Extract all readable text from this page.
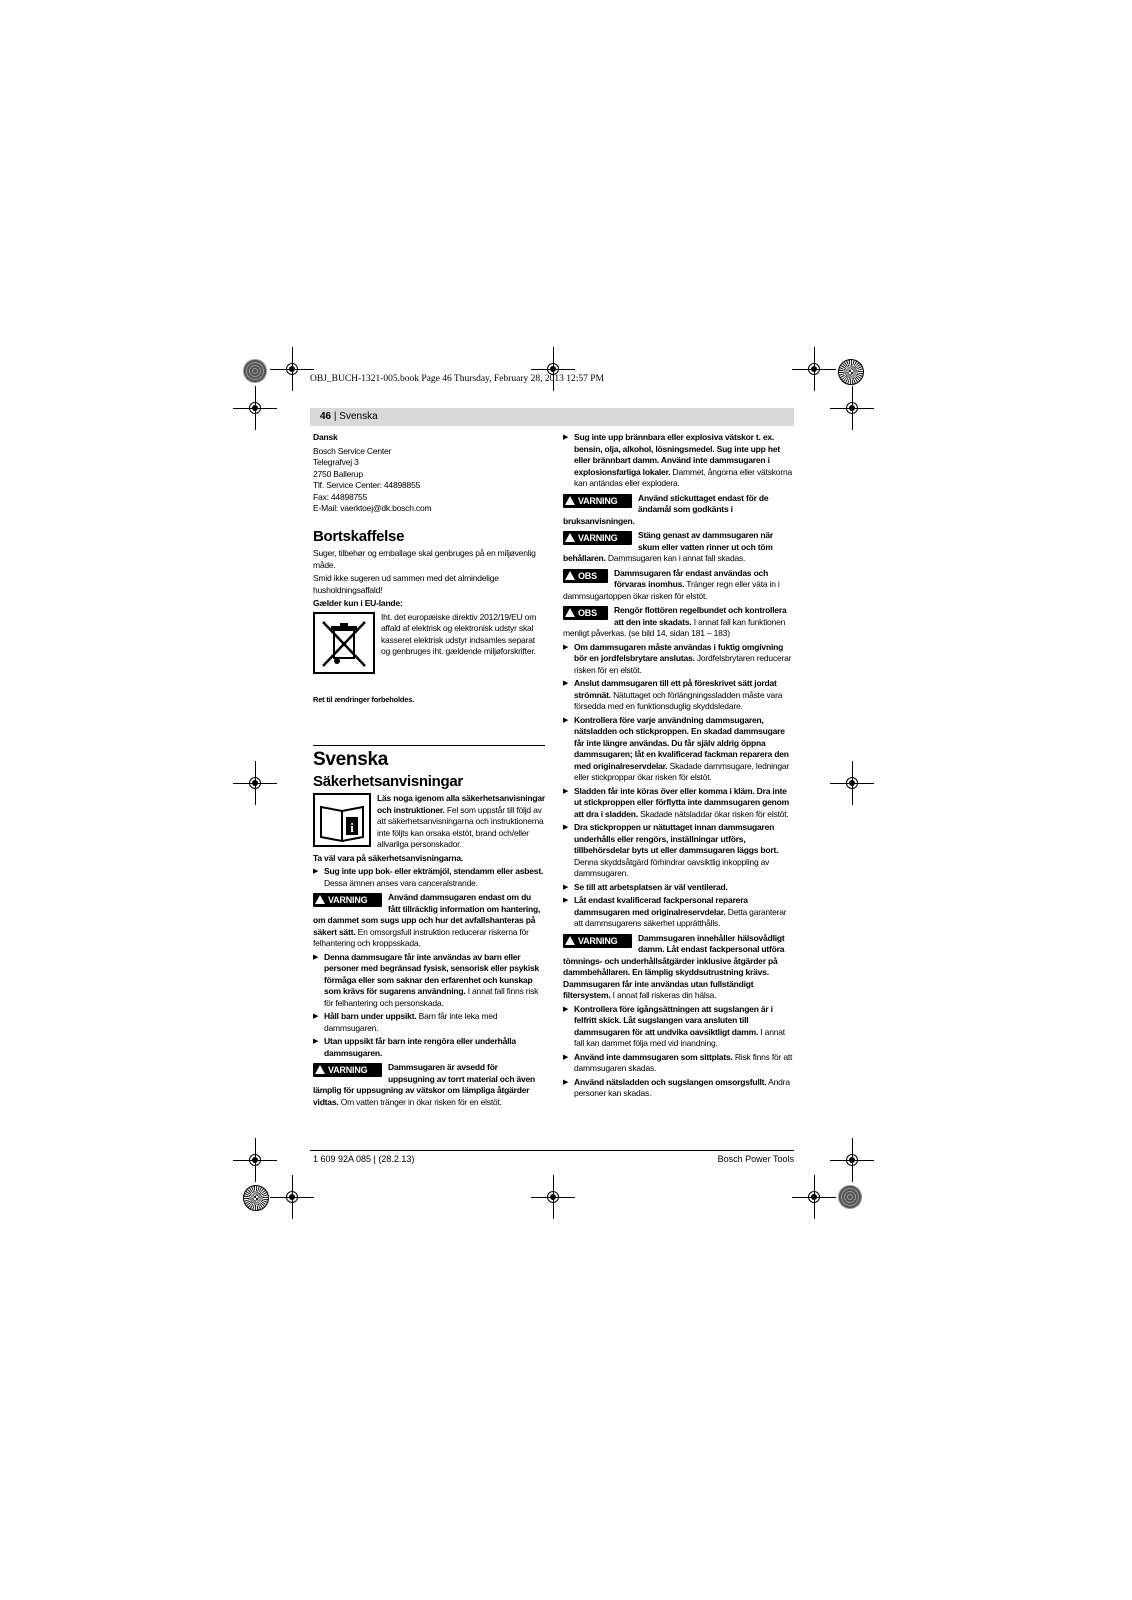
OBJ_BUCH-1321-005.book Page 46 Thursday, February 28, 2013 12:57 PM
46 | Svenska

Dansk

Bosch Service Center

Telegrafvej 3

2750 Ballerup

Tlf. Service Center: 44898855

Fax: 44898755

E-Mail: vaerktoej@dk.bosch.com

Bortskaffelse

Suger, tilbehør og emballage skal genbruges på en miljøvenlig måde.

Smid ikke sugeren ud sammen med det almindelige husholdningsaffald!

Gælder kun i EU-lande:

Iht. det europæiske direktiv 2012/19/EU om affald af elektrisk og elektronisk udstyr skal kasseret elektrisk udstyr indsamles separat og genbruges iht. gældende miljøforskrifter.

Ret til ændringer forbeholdes.

Svenska
Säkerhetsanvisningar
i

Läs noga igenom alla säkerhetsanvisningar och instruktioner. Fel som uppstår till följd av att säkerhetsanvisningarna och instruktionerna inte följts kan orsaka elstöt, brand och/eller allvarliga personskador.

Ta väl vara på säkerhetsanvisningarna.

▶ Sug inte upp bok- eller ekträmjöl, stendamm eller asbest. Dessa ämnen anses vara canceralstrande.
VARNING	Använd dammsugaren endast om du fått tillräcklig information om hantering, om dammet som sugs upp och hur det avfallshanteras på säkert sätt. En omsorgsfull instruktion reducerar riskerna för felhantering och kroppsskada.
▶ Denna dammsugare får inte användas av barn eller personer med begränsad fysisk, sensorisk eller psykisk förmåga eller som saknar den erfarenhet och kunskap som krävs för sugarens användning. I annat fall finns risk för felhantering och personskada.
▶ Håll barn under uppsikt. Barn får inte leka med dammsugaren.
▶ Utan uppsikt får barn inte rengöra eller underhålla dammsugaren.
VARNING	Dammsugaren är avsedd för uppsugning av torrt material och även lämplig för uppsugning av vätskor om lämpliga åtgärder vidtas. Om vatten tränger in ökar risken för en elstöt.
▶ Sug inte upp brännbara eller explosiva vätskor t. ex. bensin, olja, alkohol, lösningsmedel. Sug inte upp het eller brännbart damm. Använd inte dammsugaren i explosionsfarliga lokaler. Dammet, ångorna eller vätskorna kan antändas eller explodera.
VARNING	Använd stickuttaget endast för de ändamål som godkänts i bruksanvisningen.
VARNING	Stäng genast av dammsugaren när skum eller vatten rinner ut och töm behållaren. Dammsugaren kan i annat fall skadas.
OBS	Dammsugaren får endast användas och förvaras inomhus. Tränger regn eller väta in i dammsugartoppen ökar risken för elstöt.
OBS	Rengör flottören regelbundet och kontrollera att den inte skadats. I annat fall kan funktionen menligt påverkas. (se bild 14, sidan 181 – 183)
▶ Om dammsugaren måste användas i fuktig omgivning bör en jordfelsbrytare anslutas. Jordfelsbrytaren reducerar risken för en elstöt.
▶ Anslut dammsugaren till ett på föreskrivet sätt jordat strömnät. Nätuttaget och förlängningssladden måste vara försedda med en funktionsduglig skyddsledare.
▶ Kontrollera före varje användning dammsugaren, nätsladden och stickproppen. En skadad dammsugare får inte längre användas. Du får själv aldrig öppna dammsugaren; låt en kvalificerad fackman reparera den med originalreservdelar. Skadade dammsugare, ledningar eller stickproppar ökar risken för elstöt.
▶ Sladden får inte köras över eller komma i kläm. Dra inte ut stickproppen eller förflytta inte dammsugaren genom att dra i sladden. Skadade nätsladdar ökar risken för elstöt.
▶ Dra stickproppen ur nätuttaget innan dammsugaren underhålls eller rengörs, inställningar utförs, tillbehörsdelar byts ut eller dammsugaren läggs bort. Denna skyddsåtgärd förhindrar oavsiktlig inkoppling av dammsugaren.
▶ Se till att arbetsplatsen är väl ventilerad.
▶ Låt endast kvalificerad fackpersonal reparera dammsugaren med originalreservdelar. Detta garanterar att dammsugarens säkerhet upprätthålls.
VARNING	Dammsugaren innehåller hälsovådligt damm. Låt endast fackpersonal utföra tömnings- och underhållsåtgärder inklusive åtgärder på dammbehållaren. En lämplig skyddsutrustning krävs. Dammsugaren får inte användas utan fullständigt filtersystem. I annat fall riskeras din hälsa.
▶ Kontrollera före igångsättningen att sugslangen är i felfritt skick. Låt sugslangen vara ansluten till dammsugaren för att undvika oavsiktligt damm. I annat fall kan dammet följa med vid inandning.
▶ Använd inte dammsugaren som sittplats. Risk finns för att dammsugaren skadas.
▶ Använd nätsladden och sugslangen omsorgsfullt. Andra personer kan skadas.
1 609 92A 085 | (28.2.13)	Bosch Power Tools
